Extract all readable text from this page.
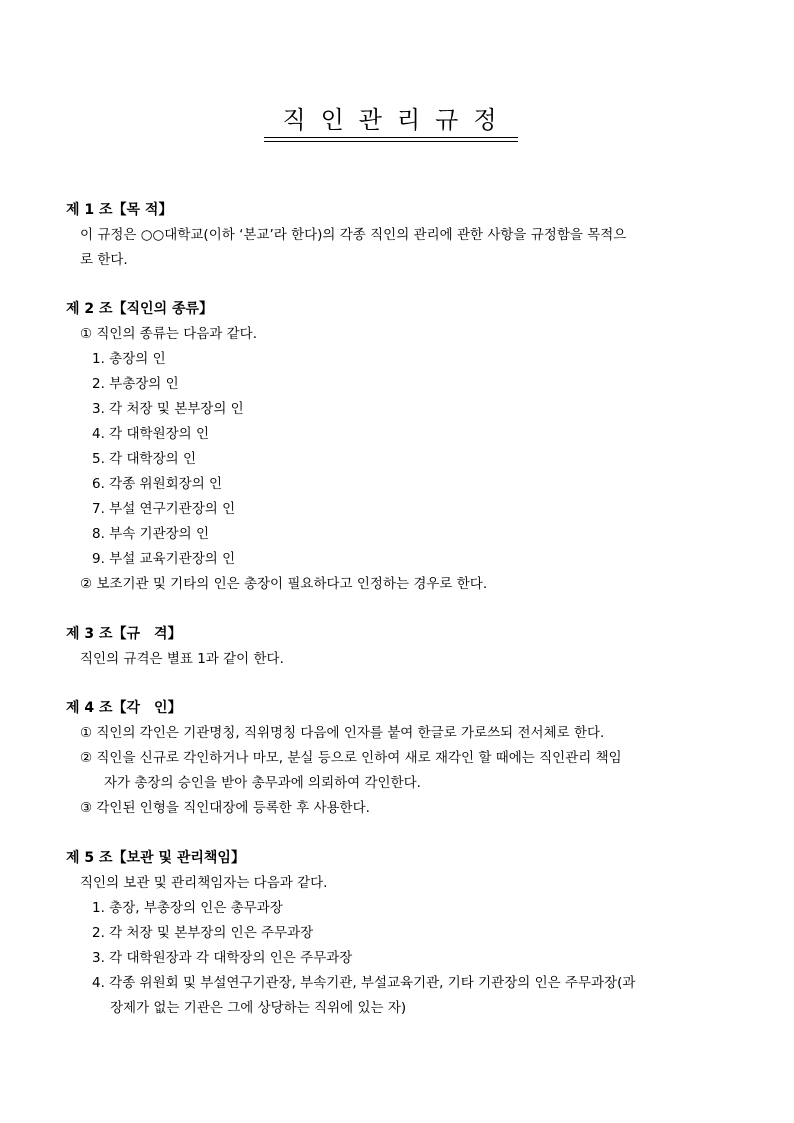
직인관리규정
제 1 조【목 적】
이 규정은 ○○대학교(이하 ‘본교’라 한다)의 각종 직인의 관리에 관한 사항을 규정함을 목적으
로 한다.
제 2 조【직인의 종류】
① 직인의 종류는 다음과 같다.
1. 총장의 인
2. 부총장의 인
3. 각 처장 및 본부장의 인
4. 각 대학원장의 인
5. 각 대학장의 인
6. 각종 위원회장의 인
7. 부설 연구기관장의 인
8. 부속 기관장의 인
9. 부설 교육기관장의 인
② 보조기관 및 기타의 인은 총장이 필요하다고 인정하는 경우로 한다.
제 3 조【규　격】
직인의 규격은 별표 1과 같이 한다.
제 4 조【각　인】
① 직인의 각인은 기관명칭, 직위명칭 다음에 인자를 붙여 한글로 가로쓰되 전서체로 한다.
② 직인을 신규로 각인하거나 마모, 분실 등으로 인하여 새로 재각인 할 때에는 직인관리 책임
자가 총장의 승인을 받아 총무과에 의뢰하여 각인한다.
③ 각인된 인형을 직인대장에 등록한 후 사용한다.
제 5 조【보관 및 관리책임】
직인의 보관 및 관리책임자는 다음과 같다.
1. 총장, 부총장의 인은 총무과장
2. 각 처장 및 본부장의 인은 주무과장
3. 각 대학원장과 각 대학장의 인은 주무과장
4. 각종 위원회 및 부설연구기관장, 부속기관, 부설교육기관, 기타 기관장의 인은 주무과장(과
장제가 없는 기관은 그에 상당하는 직위에 있는 자)
